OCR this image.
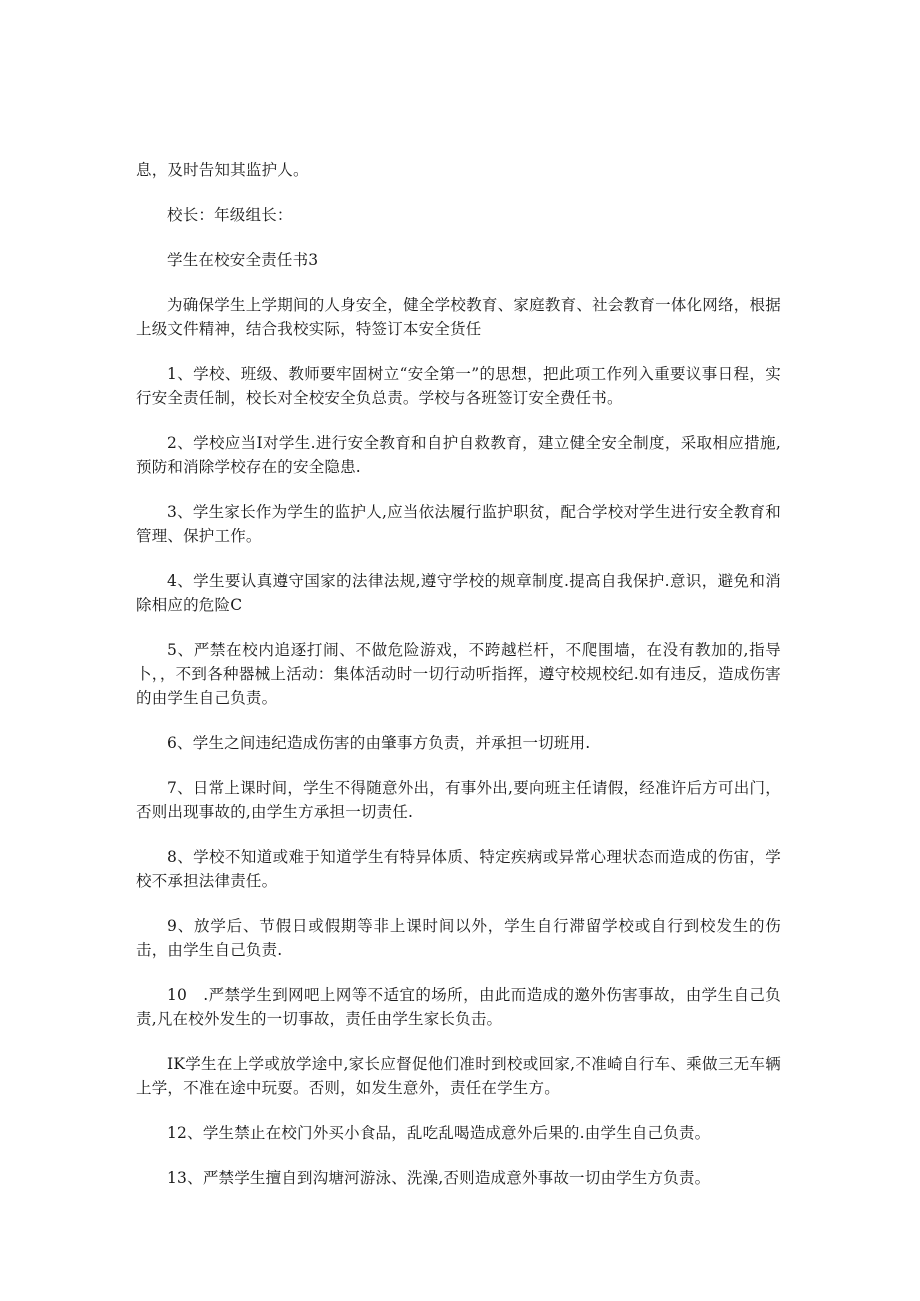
息，及时告知其监护人。

校长：年级组长：

学生在校安全责任书3

为确保学生上学期间的人身安全，健全学校教育、家庭教育、社会教育一体化网络，根据上级文件精神，结合我校实际，特签订本安全货任

1、学校、班级、教师要牢固树立“安全第一”的思想，把此项工作列入重要议事日程，实行安全责任制，校长对全校安全负总责。学校与各班签订安全费任书。

2、学校应当I对学生.进行安全教育和自护自救教育，建立健全安全制度，采取相应措施,预防和消除学校存在的安全隐患.

3、学生家长作为学生的监护人,应当依法履行监护职贫，配合学校对学生进行安全教育和管理、保护工作。

4、学生要认真遵守国家的法律法规,遵守学校的规章制度.提高自我保护.意识，避免和消除相应的危险C

5、严禁在校内追逐打闹、不做危险游戏，不跨越栏杆，不爬围墙，在没有教加的,指导卜，，不到各种器械上活动：集体活动时一切行动听指挥，遵守校规校纪.如有违反，造成伤害的由学生自己负责。

6、学生之间违纪造成伤害的由肇事方负责，并承担一切班用.

7、日常上课时间，学生不得随意外出，有事外出,要向班主任请假，经准许后方可出门，否则出现事故的,由学生方承担一切责任.

8、学校不知道或难于知道学生有特异体质、特定疾病或异常心理状态而造成的伤宙，学校不承担法律责任。

9、放学后、节假日或假期等非上课时间以外，学生自行滞留学校或自行到校发生的伤击，由学生自己负责.

10　.严禁学生到网吧上网等不适宜的场所，由此而造成的邀外伤害事故，由学生自己负责,凡在校外发生的一切事故，责任由学生家长负击。

IK学生在上学或放学途中,家长应督促他们准时到校或回家,不准崎自行车、乘做三无车辆上学，不准在途中玩耍。否则，如发生意外，责任在学生方。

12、学生禁止在校门外买小食品，乱吃乱喝造成意外后果的.由学生自己负责。

13、严禁学生擅自到沟塘河游泳、洗澡,否则造成意外事故一切由学生方负责。
